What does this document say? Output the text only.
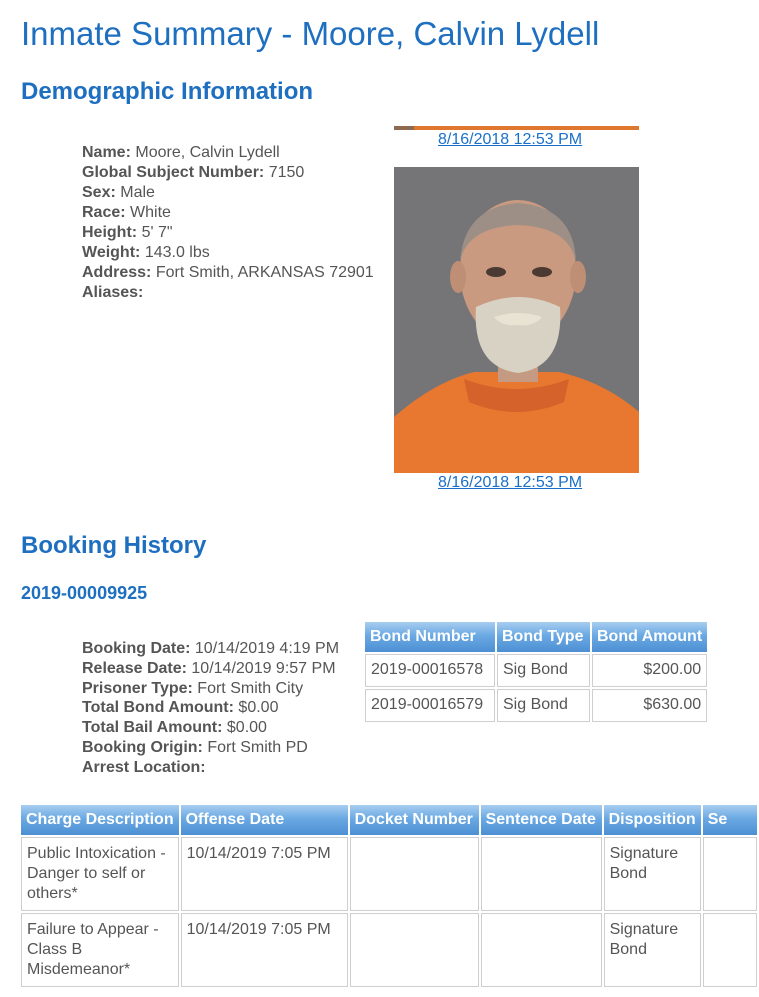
Inmate Summary - Moore, Calvin Lydell
Demographic Information
Name: Moore, Calvin Lydell
Global Subject Number: 7150
Sex: Male
Race: White
Height: 5' 7"
Weight: 143.0 lbs
Address: Fort Smith, ARKANSAS 72901
Aliases:
8/16/2018 12:53 PM
8/16/2018 12:53 PM
Booking History
2019-00009925
Booking Date: 10/14/2019 4:19 PM
Release Date: 10/14/2019 9:57 PM
Prisoner Type: Fort Smith City
Total Bond Amount: $0.00
Total Bail Amount: $0.00
Booking Origin: Fort Smith PD
Arrest Location:
Bond Number	Bond Type	Bond Amount
2019-00016578	Sig Bond	$200.00
2019-00016579	Sig Bond	$630.00
Charge Description	Offense Date	Docket Number	Sentence Date	Disposition	Se
Public Intoxication - Danger to self or others*	10/14/2019 7:05 PM			Signature Bond	
Failure to Appear - Class B Misdemeanor*	10/14/2019 7:05 PM			Signature Bond	
